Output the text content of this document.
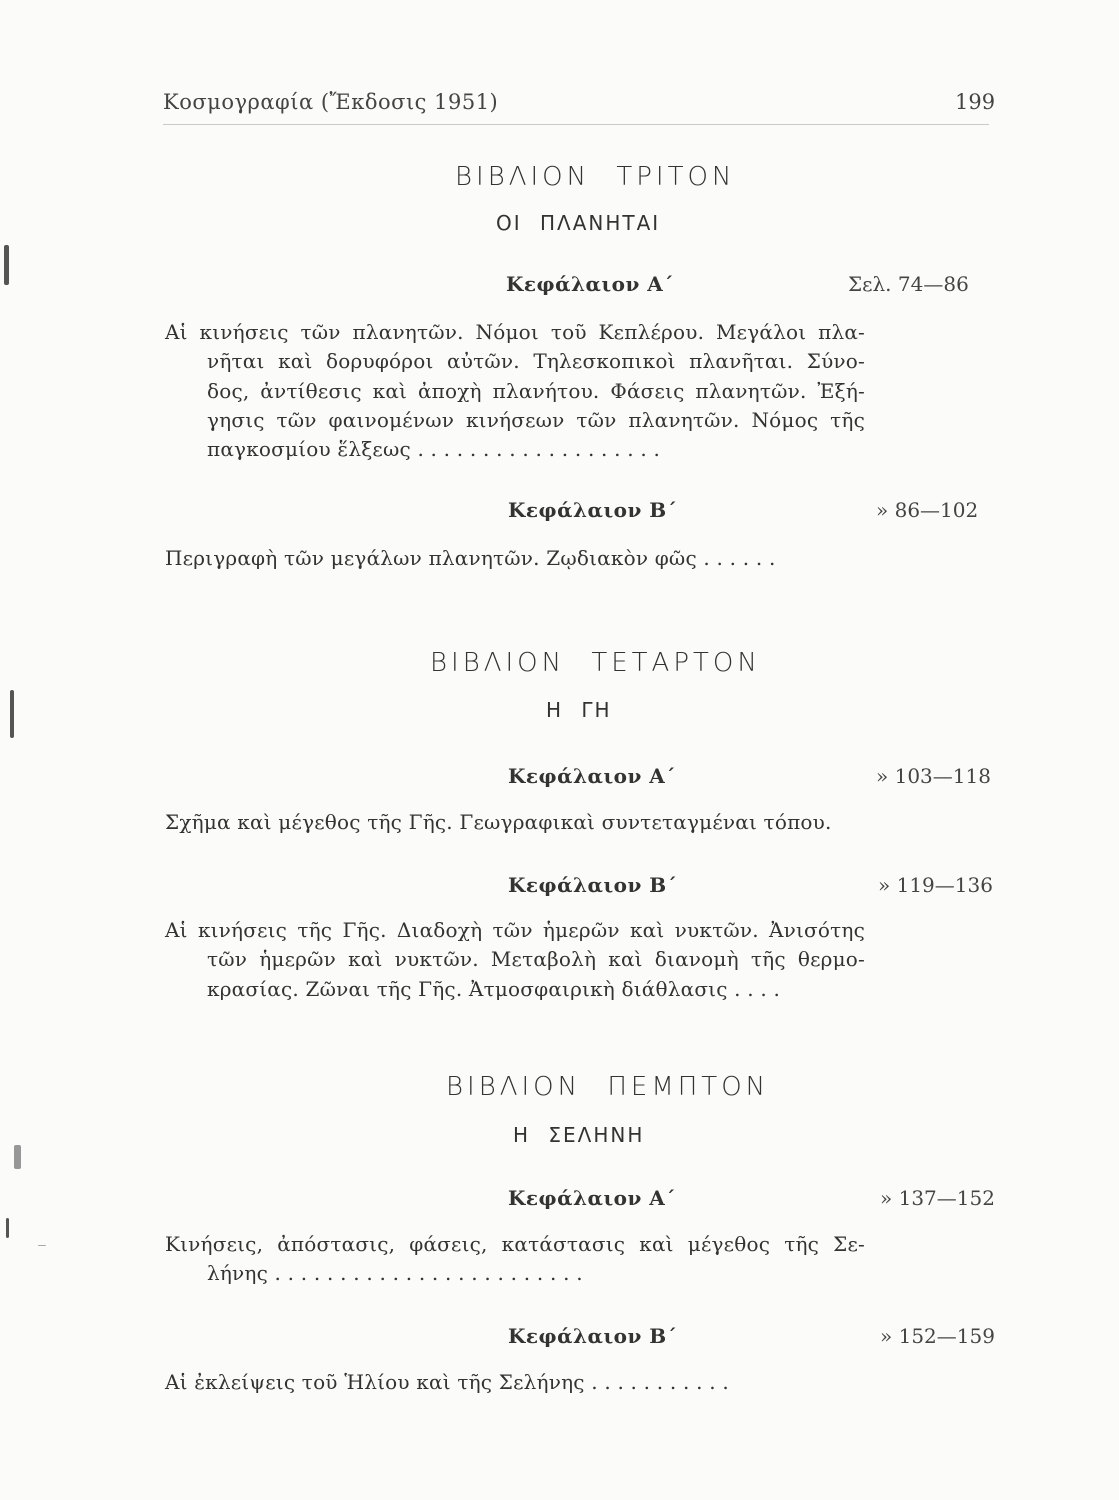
Κοσμογραφία (Ἔκδοσις 1951)	199
ΒΙΒΛΙΟΝ ΤΡΙΤΟΝ
ΟΙ ΠΛΑΝΗΤΑΙ
Κεφάλαιον Α΄	Σελ. 74—86
Αἱ κινήσεις τῶν πλανητῶν. Νόμοι τοῦ Κεπλέρου. Μεγάλοι πλα-
νῆται καὶ δορυφόροι αὐτῶν. Τηλεσκοπικοὶ πλανῆται. Σύνο-
δος, ἀντίθεσις καὶ ἀποχὴ πλανήτου. Φάσεις πλανητῶν. Ἐξή-
γησις τῶν φαινομένων κινήσεων τῶν πλανητῶν. Νόμος τῆς
παγκοσμίου ἕλξεως . . . . . . . . . . . . . . . . . . .
Κεφάλαιον Β΄	» 86—102
Περιγραφὴ τῶν μεγάλων πλανητῶν. Ζῳδιακὸν φῶς . . . . . .
ΒΙΒΛΙΟΝ ΤΕΤΑΡΤΟΝ
Η ΓΗ
Κεφάλαιον Α΄	» 103—118
Σχῆμα καὶ μέγεθος τῆς Γῆς. Γεωγραφικαὶ συντεταγμέναι τόπου.
Κεφάλαιον Β΄	» 119—136
Αἱ κινήσεις τῆς Γῆς. Διαδοχὴ τῶν ἡμερῶν καὶ νυκτῶν. Ἀνισότης
τῶν ἡμερῶν καὶ νυκτῶν. Μεταβολὴ καὶ διανομὴ τῆς θερμο-
κρασίας. Ζῶναι τῆς Γῆς. Ἀτμοσφαιρικὴ διάθλασις . . . .
ΒΙΒΛΙΟΝ ΠΕΜΠΤΟΝ
Η ΣΕΛΗΝΗ
Κεφάλαιον Α΄	» 137—152
Κινήσεις, ἀπόστασις, φάσεις, κατάστασις καὶ μέγεθος τῆς Σε-
λήνης . . . . . . . . . . . . . . . . . . . . . . . .
Κεφάλαιον Β΄	» 152—159
Αἱ ἐκλείψεις τοῦ Ἡλίου καὶ τῆς Σελήνης . . . . . . . . . . .
